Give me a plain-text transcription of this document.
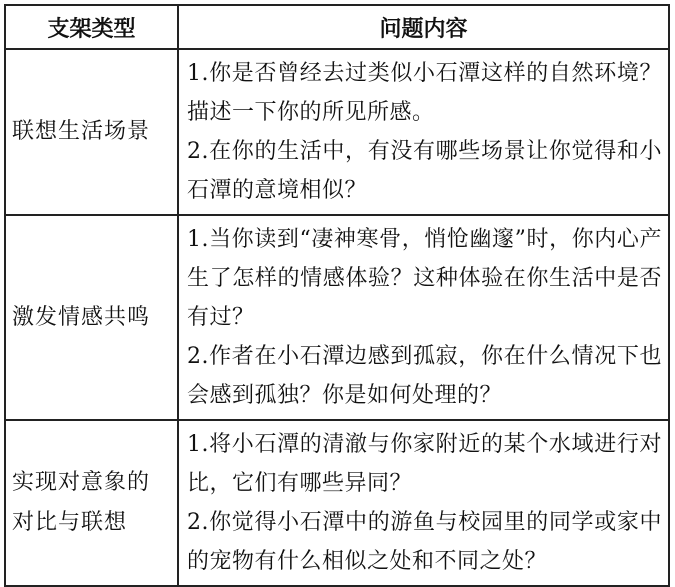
支架类型	问题内容
联想生活场景	1.你是否曾经去过类似小石潭这样的自然环境？描述一下你的所见所感。
2.在你的生活中，有没有哪些场景让你觉得和小石潭的意境相似？

激发情感共鸣	1.当你读到“凄神寒骨，悄怆幽邃”时，你内心产生了怎样的情感体验？这种体验在你生活中是否有过？
2.作者在小石潭边感到孤寂，你在什么情况下也会感到孤独？你是如何处理的？

实现对意象的对比与联想	1.将小石潭的清澈与你家附近的某个水域进行对比，它们有哪些异同？
2.你觉得小石潭中的游鱼与校园里的同学或家中的宠物有什么相似之处和不同之处？
